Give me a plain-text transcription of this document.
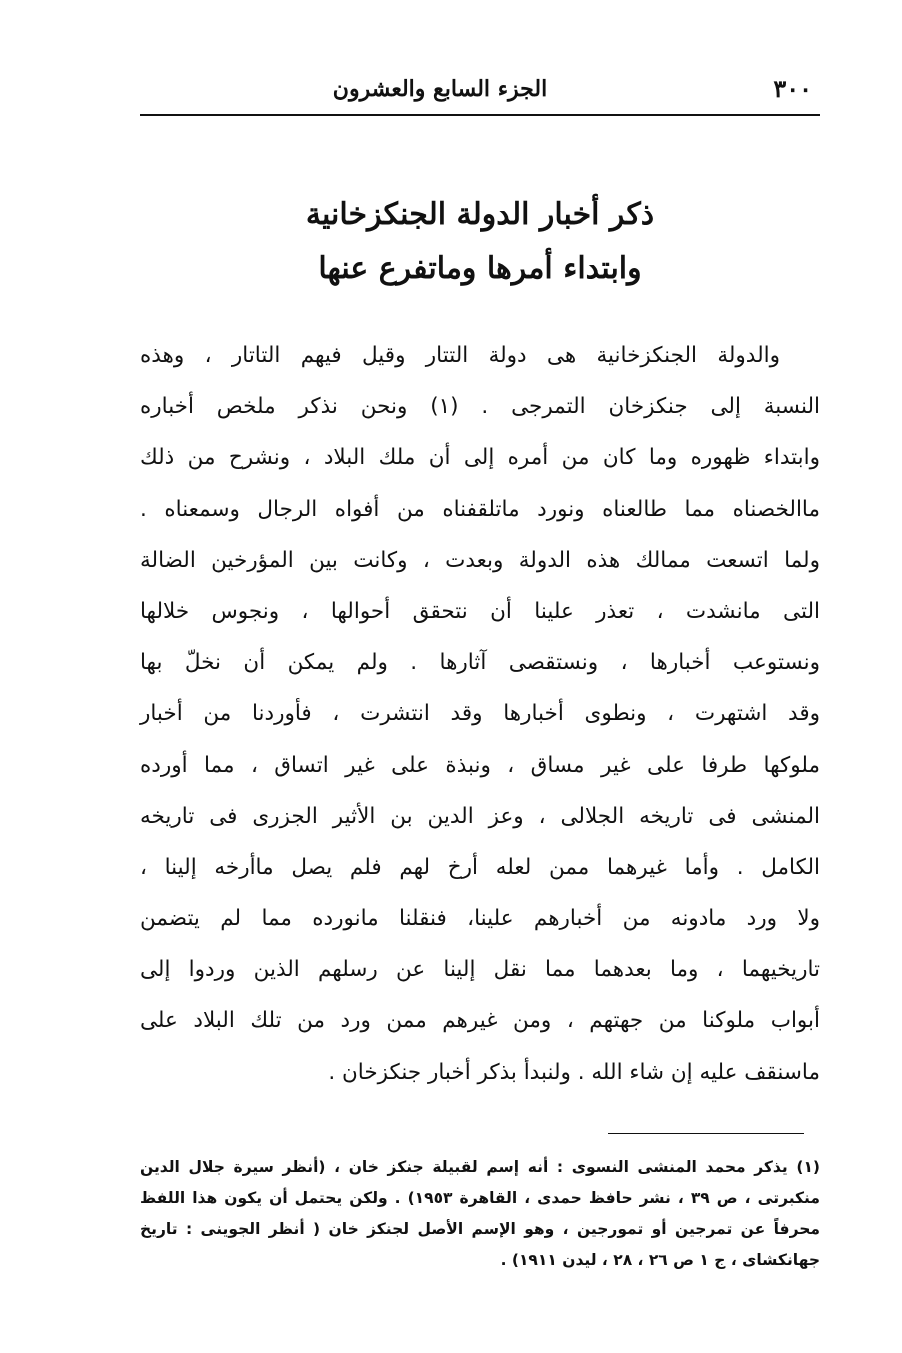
٣٠٠
الجزء السابع والعشرون
ذكر أخبار الدولة الجنكزخانية
وابتداء أمرها وماتفرع عنها
والدولة الجنكزخانية هى دولة التتار وقيل فيهم التاتار ، وهذه
النسبة إلى جنكزخان التمرجى . (١) ونحن نذكر ملخص أخباره
وابتداء ظهوره وما كان من أمره إلى أن ملك البلاد ، ونشرح من ذلك
ماالخصناه مما طالعناه ونورد ماتلقفناه من أفواه الرجال وسمعناه .
ولما اتسعت ممالك هذه الدولة وبعدت ، وكانت بين المؤرخين الضالة
التى مانشدت ، تعذر علينا أن نتحقق أحوالها ، ونجوس خلالها
ونستوعب أخبارها ، ونستقصى آثارها . ولم يمكن أن نخلّ بها
وقد اشتهرت ، ونطوى أخبارها وقد انتشرت ، فأوردنا من أخبار
ملوكها طرفا على غير مساق ، ونبذة على غير اتساق ، مما أورده
المنشى فى تاريخه الجلالى ، وعز الدين بن الأثير الجزرى فى تاريخه
الكامل . وأما غيرهما ممن لعله أرخ لهم فلم يصل ماأرخه إلينا ،
ولا ورد مادونه من أخبارهم علينا، فنقلنا مانورده مما لم يتضمن
تاريخيهما ، وما بعدهما مما نقل إلينا عن رسلهم الذين وردوا إلى
أبواب ملوكنا من جهتهم ، ومن غيرهم ممن ورد من تلك البلاد على
ماسنقف عليه إن شاء الله . ولنبدأ بذكر أخبار جنكزخان .
(١) يذكر محمد المنشى النسوى : أنه إسم لقبيلة جنكز خان ، (أنظر سيرة جلال الدين
منكبرتى ، ص ٣٩ ، نشر حافظ حمدى ، القاهرة ١٩٥٣) . ولكن يحتمل أن يكون هذا اللفظ
محرفاً عن تمرجين أو تمورجين ، وهو الإسم الأصل لجنكز خان ( أنظر الجوينى : تاريخ
جهانكشاى ، ج ١ ص ٢٦ ، ٢٨ ، ليدن ١٩١١) .
